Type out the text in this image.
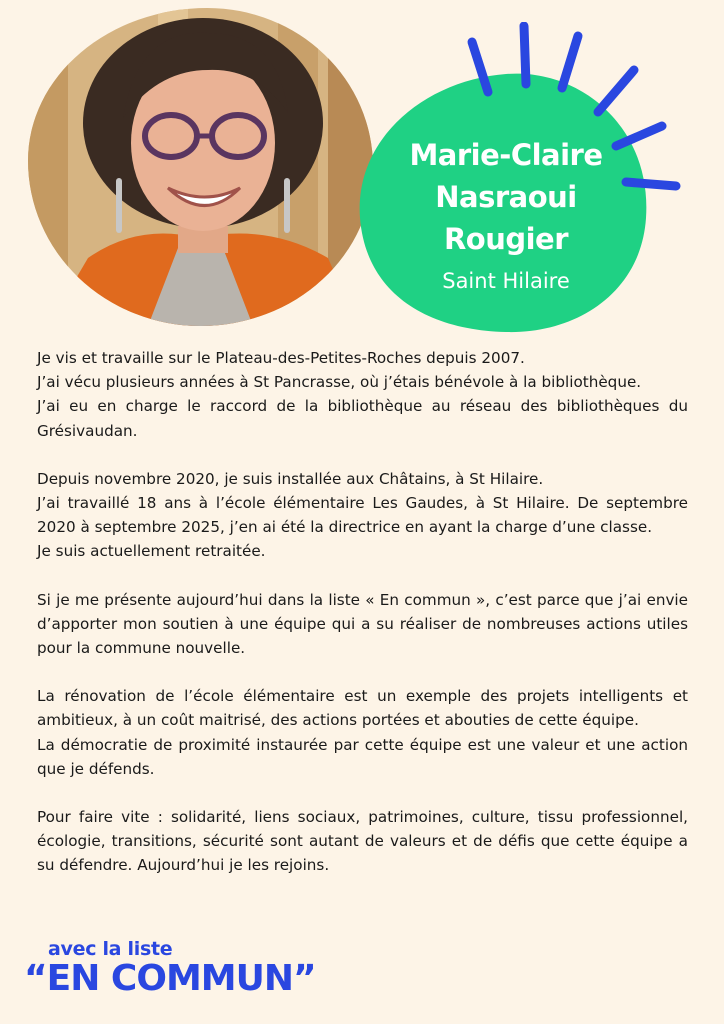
Marie-Claire
Nasraoui
Rougier
Saint Hilaire
Je vis et travaille sur le Plateau-des-Petites-Roches depuis 2007.
J’ai vécu plusieurs années à St Pancrasse, où j’étais bénévole à la bibliothèque.
J’ai eu en charge le raccord de la bibliothèque au réseau des bibliothèques du Grésivaudan.
Depuis novembre 2020, je suis installée aux Châtains, à St Hilaire.
J’ai travaillé 18 ans à l’école élémentaire Les Gaudes, à St Hilaire. De septembre 2020 à septembre 2025, j’en ai été la directrice en ayant la charge d’une classe.
Je suis actuellement retraitée.
Si je me présente aujourd’hui dans la liste « En commun », c’est parce que j’ai envie d’apporter mon soutien à une équipe qui a su réaliser de nombreuses actions utiles pour la commune nouvelle.
La rénovation de l’école élémentaire est un exemple des projets intelligents et ambitieux, à un coût maitrisé, des actions portées et abouties de cette équipe.
La démocratie de proximité instaurée par cette équipe est une valeur et une action que je défends.
Pour faire vite : solidarité, liens sociaux, patrimoines, culture, tissu professionnel, écologie, transitions, sécurité sont autant de valeurs et de défis que cette équipe a su défendre. Aujourd’hui je les rejoins.
avec la liste
“EN COMMUN”
